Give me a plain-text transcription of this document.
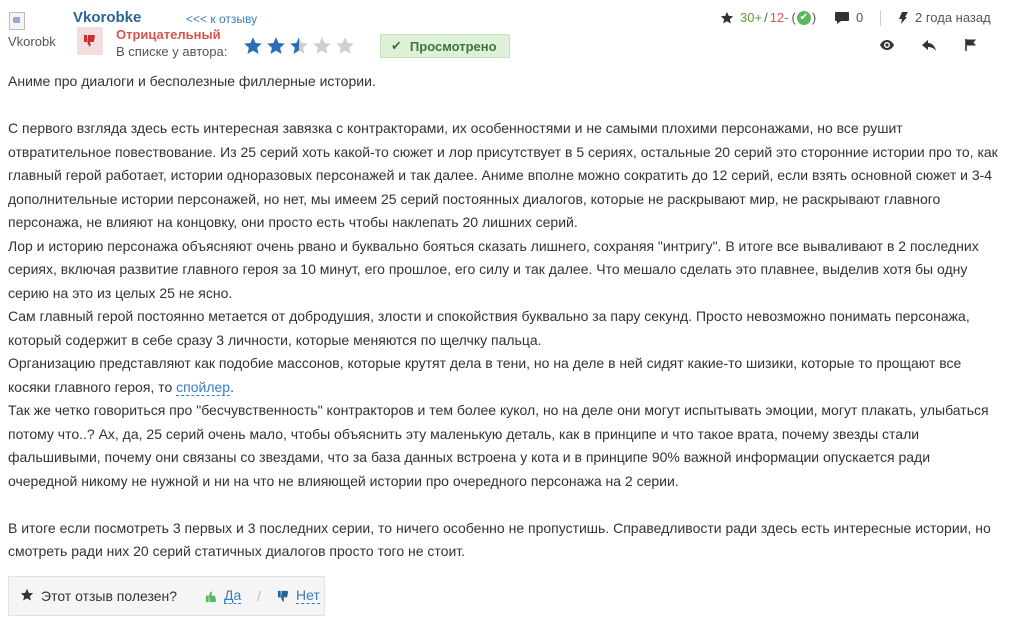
Vkorobk
Vkorobke	<<< к отзыву
Отрицательный
В списке у автора:	✔ Просмотрено
30+ / 12- ( ✔ )	0	2 года назад

Аниме про диалоги и бесполезные филлерные истории.

С первого взгляда здесь есть интересная завязка с контракторами, их особенностями и не самыми плохими персонажами, но все рушит отвратительное повествование. Из 25 серий хоть какой-то сюжет и лор присутствует в 5 сериях, остальные 20 серий это сторонние истории про то, как главный герой работает, истории одноразовых персонажей и так далее. Аниме вполне можно сократить до 12 серий, если взять основной сюжет и 3-4 дополнительные истории персонажей, но нет, мы имеем 25 серий постоянных диалогов, которые не раскрывают мир, не раскрывают главного персонажа, не влияют на концовку, они просто есть чтобы наклепать 20 лишних серий.

Лор и историю персонажа объясняют очень рвано и буквально бояться сказать лишнего, сохраняя "интригу". В итоге все вываливают в 2 последних сериях, включая развитие главного героя за 10 минут, его прошлое, его силу и так далее. Что мешало сделать это плавнее, выделив хотя бы одну серию на это из целых 25 не ясно.

Сам главный герой постоянно метается от добродушия, злости и спокойствия буквально за пару секунд. Просто невозможно понимать персонажа, который содержит в себе сразу 3 личности, которые меняются по щелчку пальца.

Организацию представляют как подобие массонов, которые крутят дела в тени, но на деле в ней сидят какие-то шизики, которые то прощают все косяки главного героя, то спойлер.

Так же четко говориться про "бесчувственность" контракторов и тем более кукол, но на деле они могут испытывать эмоции, могут плакать, улыбаться потому что..? Ах, да, 25 серий очень мало, чтобы объяснить эту маленькую деталь, как в принципе и что такое врата, почему звезды стали фальшивыми, почему они связаны со звездами, что за база данных встроена у кота и в принципе 90% важной информации опускается ради очередной никому не нужной и ни на что не влияющей истории про очередного персонажа на 2 серии.

В итоге если посмотреть 3 первых и 3 последних серии, то ничего особенно не пропустишь. Справедливости ради здесь есть интересные истории, но смотреть ради них 20 серий статичных диалогов просто того не стоит.

Этот отзыв полезен?	Да /	Нет
